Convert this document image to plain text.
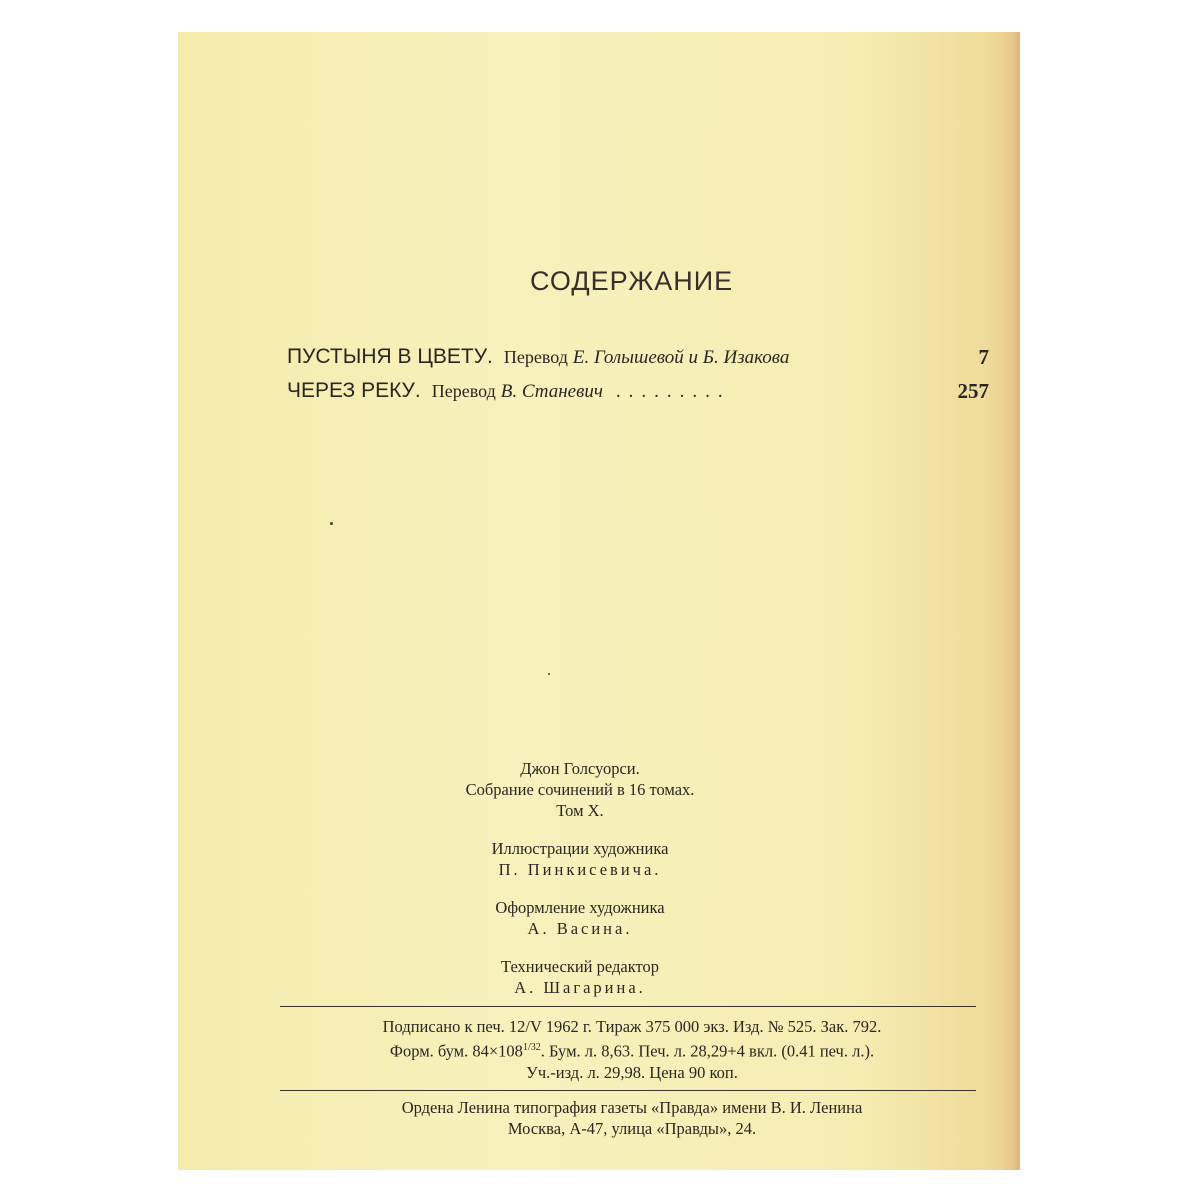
СОДЕРЖАНИЕ
ПУСТЫНЯ В ЦВЕТУ. Перевод Е. Голышевой и Б. Изакова	7
ЧЕРЕЗ РЕКУ. Перевод В. Станевич .........	257
Джон Голсуорси.
Собрание сочинений в 16 томах.
Том X.
Иллюстрации художника
П. Пинкисевича.
Оформление художника
А. Васина.
Технический редактор
А. Шагарина.
Подписано к печ. 12/V 1962 г. Тираж 375 000 экз. Изд. № 525. Зак. 792.
Форм. бум. $84\times 108^{1/32}$. Бум. л. 8,63. Печ. л. 28,29+4 вкл. (0.41 печ. л.).
Уч.-изд. л. 29,98. Цена 90 коп.
Ордена Ленина типография газеты «Правда» имени В. И. Ленина
Москва, А-47, улица «Правды», 24.
